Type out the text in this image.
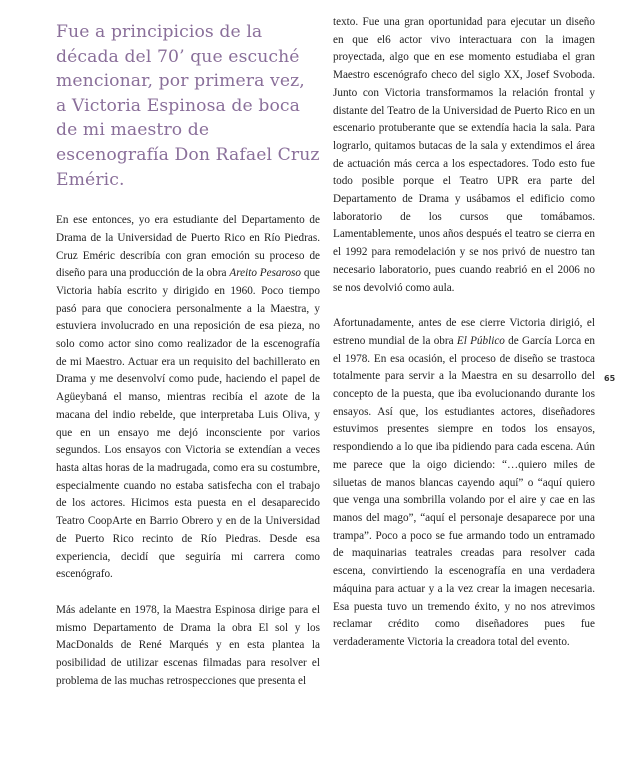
Fue a principicios de la década del 70’ que escuché mencionar, por primera vez, a Victoria Espinosa de boca de mi maestro de escenografía Don Rafael Cruz Eméric.

En ese entonces, yo era estudiante del Departamento de Drama de la Universidad de Puerto Rico en Río Piedras. Cruz Eméric describía con gran emoción su proceso de diseño para una producción de la obra Areito Pesaroso que Victoria había escrito y dirigido en 1960. Poco tiempo pasó para que conociera personalmente a la Maestra, y estuviera involucrado en una reposición de esa pieza, no solo como actor sino como realizador de la escenografía de mi Maestro. Actuar era un requisito del bachillerato en Drama y me desenvolví como pude, haciendo el papel de Agüeybaná el manso, mientras recibía el azote de la macana del indio rebelde, que interpretaba Luis Oliva, y que en un ensayo me dejó inconsciente por varios segundos. Los ensayos con Victoria se extendían a veces hasta altas horas de la madrugada, como era su costumbre, especialmente cuando no estaba satisfecha con el trabajo de los actores. Hicimos esta puesta en el desaparecido Teatro CoopArte en Barrio Obrero y en de la Universidad de Puerto Rico recinto de Río Piedras. Desde esa experiencia, decidí que seguiría mi carrera como escenógrafo.

Más adelante en 1978, la Maestra Espinosa dirige para el mismo Departamento de Drama la obra El sol y los MacDonalds de René Marqués y en esta plantea la posibilidad de utilizar escenas filmadas para resolver el problema de las muchas retrospecciones que presenta el

texto. Fue una gran oportunidad para ejecutar un diseño en que el6 actor vivo interactuara con la imagen proyectada, algo que en ese momento estudiaba el gran Maestro escenógrafo checo del siglo XX, Josef Svoboda. Junto con Victoria transformamos la relación frontal y distante del Teatro de la Universidad de Puerto Rico en un escenario protuberante que se extendía hacia la sala. Para lograrlo, quitamos butacas de la sala y extendimos el área de actuación más cerca a los espectadores. Todo esto fue todo posible porque el Teatro UPR era parte del Departamento de Drama y usábamos el edificio como laboratorio de los cursos que tomábamos. Lamentablemente, unos años después el teatro se cierra en el 1992 para remodelación y se nos privó de nuestro tan necesario laboratorio, pues cuando reabrió en el 2006 no se nos devolvió como aula.

Afortunadamente, antes de ese cierre Victoria dirigió, el estreno mundial de la obra El Público de García Lorca en el 1978. En esa ocasión, el proceso de diseño se trastoca totalmente para servir a la Maestra en su desarrollo del concepto de la puesta, que iba evolucionando durante los ensayos. Así que, los estudiantes actores, diseñadores estuvimos presentes siempre en todos los ensayos, respondiendo a lo que iba pidiendo para cada escena. Aún me parece que la oigo diciendo: “…quiero miles de siluetas de manos blancas cayendo aquí” o “aquí quiero que venga una sombrilla volando por el aire y cae en las manos del mago”, “aquí el personaje desaparece por una trampa”. Poco a poco se fue armando todo un entramado de maquinarias teatrales creadas para resolver cada escena, convirtiendo la escenografía en una verdadera máquina para actuar y a la vez crear la imagen necesaria. Esa puesta tuvo un tremendo éxito, y no nos atrevimos reclamar crédito como diseñadores pues fue verdaderamente Victoria la creadora total del evento.

65
